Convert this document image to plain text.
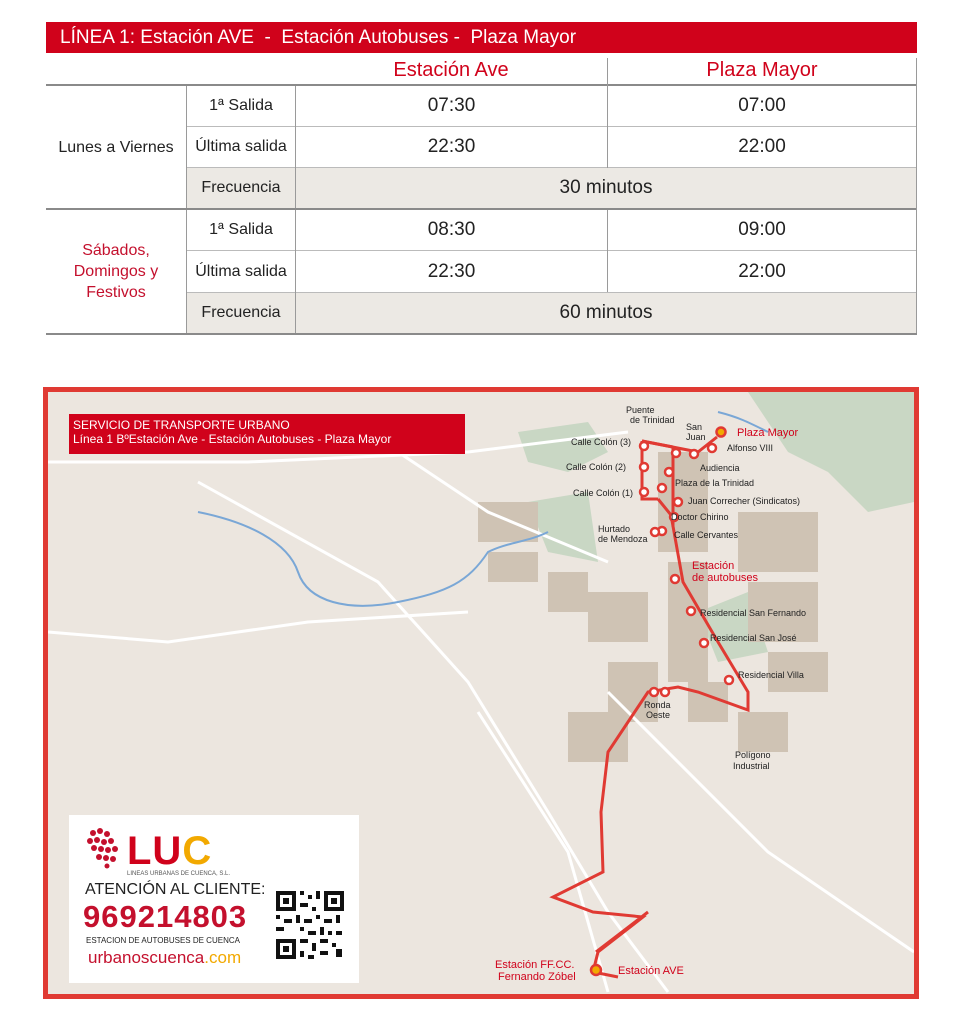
LÍNEA 1: Estación AVE  -  Estación Autobuses -  Plaza Mayor
Estación Ave	Plaza Mayor
Lunes a Viernes
1ª Salida	07:30	07:00
Última salida	22:30	22:00
Frecuencia	30 minutos
Sábados,
Domingos y
Festivos
1ª Salida	08:30	09:00
Última salida	22:30	22:00
Frecuencia	60 minutos
Plaza Mayor
Alfonso VIII
Audiencia
Plaza de la Trinidad
Juan Correcher (Sindicatos)
Doctor Chirino
Calle Cervantes
Puente
de Trinidad
San
Juan
Calle Colón (3)
Calle Colón (2)
Calle Colón (1)
Hurtado
de Mendoza
Estación
de autobuses
Residencial San Fernando
Residencial San José
Residencial Villa
Ronda
Oeste
Polígono
Industrial
Estación FF.CC.
Fernando Zóbel	Estación AVE
SERVICIO DE TRANSPORTE URBANO
Línea 1 BºEstación Ave - Estación Autobuses - Plaza Mayor
LUC
LINEAS URBANAS DE CUENCA, S.L.
ATENCIÓN AL CLIENTE:
969214803
ESTACION DE AUTOBUSES DE CUENCA
urbanoscuenca.com
